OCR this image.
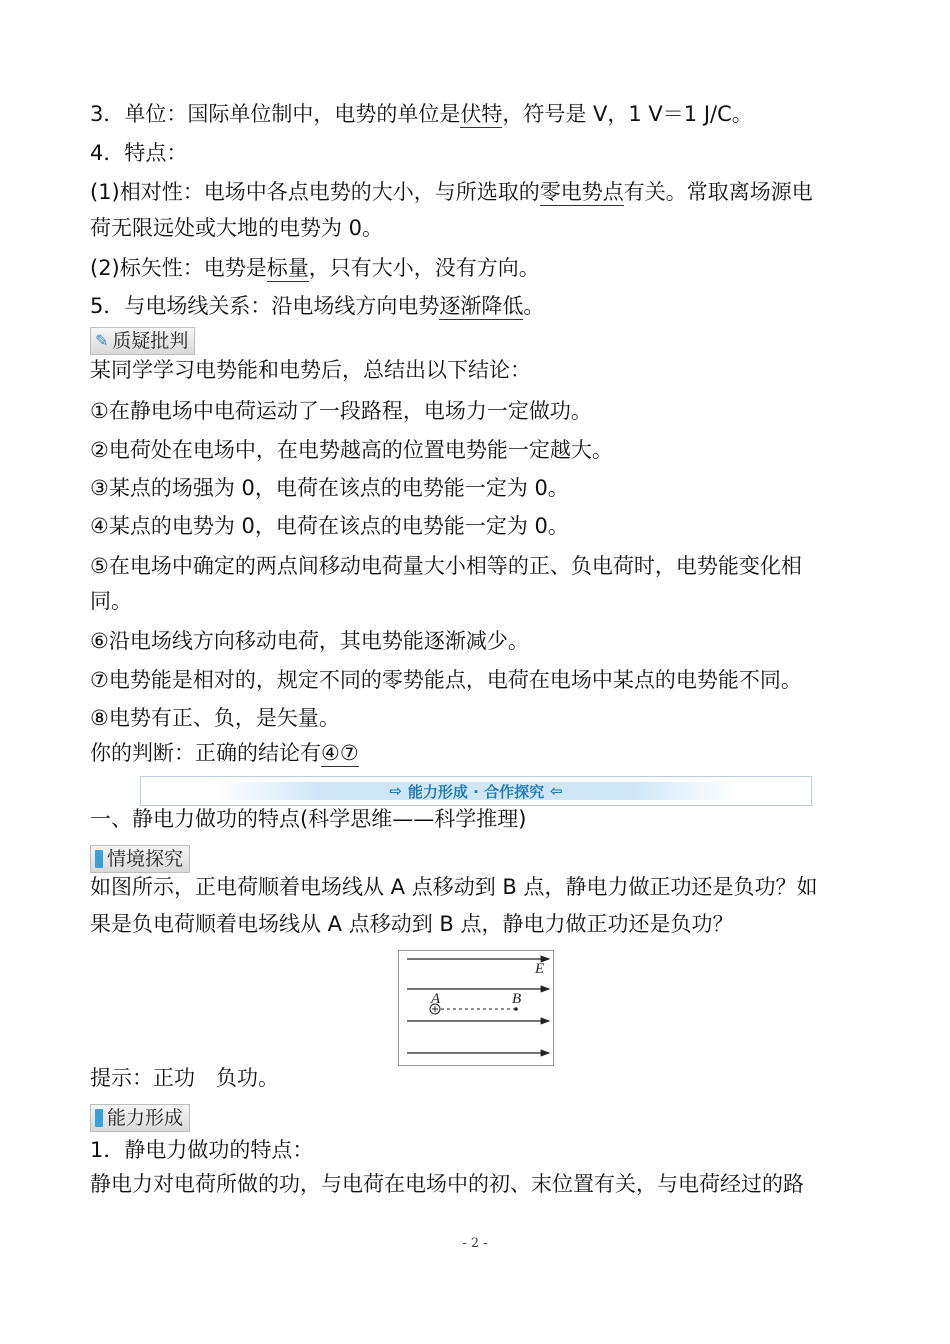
3．单位：国际单位制中，电势的单位是伏特，符号是 V，1 V＝1 J/C。
4．特点：
(1)相对性：电场中各点电势的大小，与所选取的零电势点有关。常取离场源电
荷无限远处或大地的电势为 0。
(2)标矢性：电势是标量，只有大小，没有方向。
5．与电场线关系：沿电场线方向电势逐渐降低。
✎ 质疑批判
某同学学习电势能和电势后，总结出以下结论：
①在静电场中电荷运动了一段路程，电场力一定做功。
②电荷处在电场中，在电势越高的位置电势能一定越大。
③某点的场强为 0，电荷在该点的电势能一定为 0。
④某点的电势为 0，电荷在该点的电势能一定为 0。
⑤在电场中确定的两点间移动电荷量大小相等的正、负电荷时，电势能变化相
同。
⑥沿电场线方向移动电荷，其电势能逐渐减少。
⑦电势能是相对的，规定不同的零势能点，电荷在电场中某点的电势能不同。
⑧电势有正、负，是矢量。
你的判断：正确的结论有④⑦
⇨ 能力形成 · 合作探究 ⇦
一、静电力做功的特点(科学思维——科学推理)
情境探究
如图所示，正电荷顺着电场线从 A 点移动到 B 点，静电力做正功还是负功？如
果是负电荷顺着电场线从 A 点移动到 B 点，静电力做正功还是负功？
E
A	B
提示：正功　负功。
能力形成
1．静电力做功的特点：
静电力对电荷所做的功，与电荷在电场中的初、末位置有关，与电荷经过的路
- 2 -
